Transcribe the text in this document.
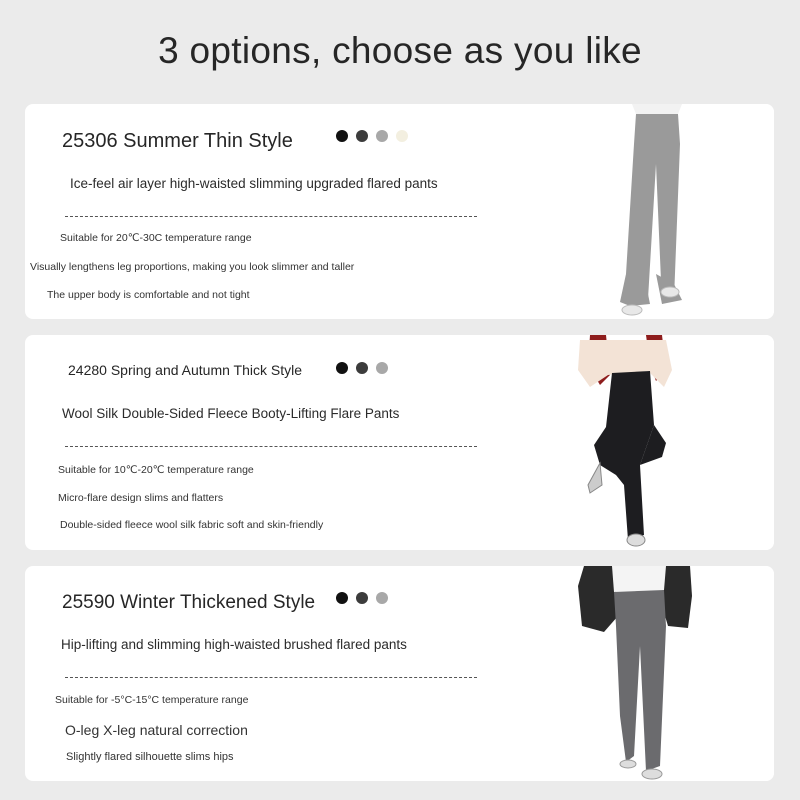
3 options, choose as you like
25306 Summer Thin Style
Ice-feel air layer high-waisted slimming upgraded flared pants
Suitable for 20℃-30C temperature range
Visually lengthens leg proportions, making you look slimmer and taller
The upper body is comfortable and not tight
24280 Spring and Autumn Thick Style
Wool Silk Double-Sided Fleece Booty-Lifting Flare Pants
Suitable for 10℃-20℃ temperature range
Micro-flare design slims and flatters
Double-sided fleece wool silk fabric soft and skin-friendly
25590 Winter Thickened Style
Hip-lifting and slimming high-waisted brushed flared pants
Suitable for -5°C-15°C temperature range
O-leg X-leg natural correction
Slightly flared silhouette slims hips
